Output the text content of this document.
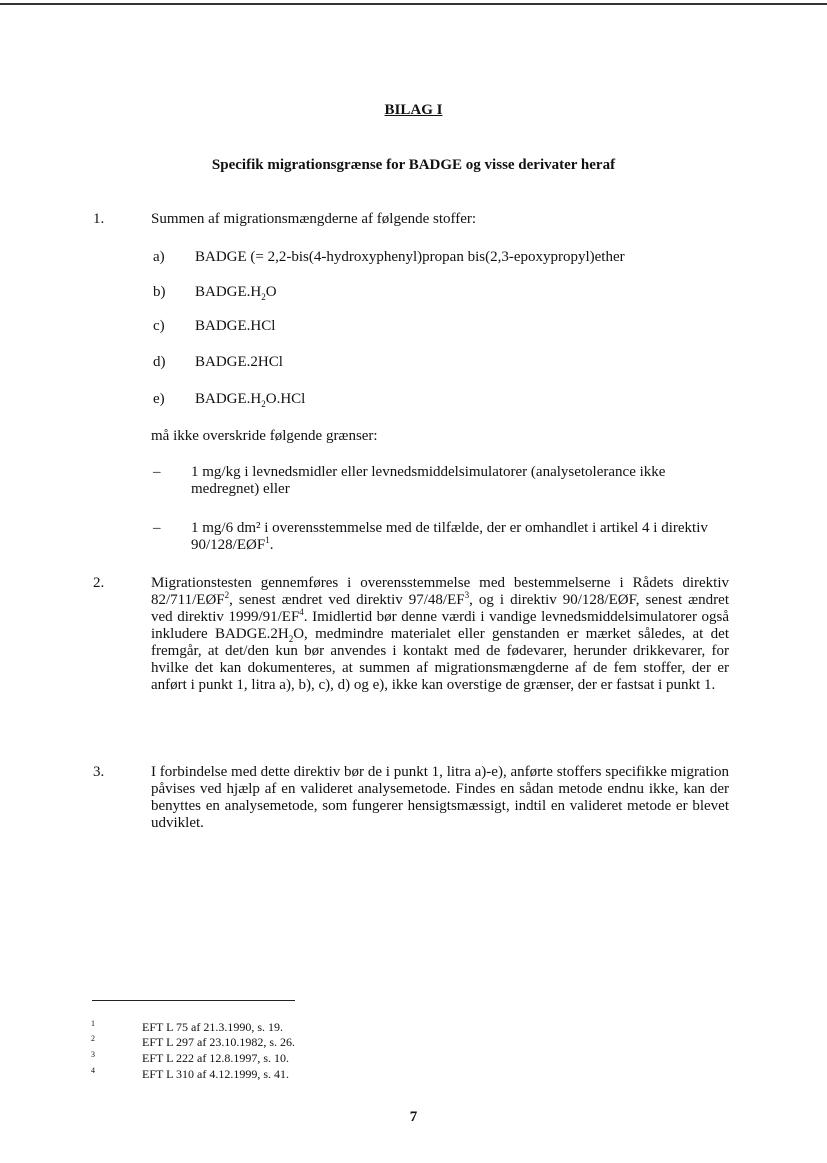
BILAG I
Specifik migrationsgrænse for BADGE og visse derivater heraf
1.	Summen af migrationsmængderne af følgende stoffer:
a) BADGE (= 2,2-bis(4-hydroxyphenyl)propan bis(2,3-epoxypropyl)ether
b) $BADGE.H_2O$
c) BADGE.HCl
d) BADGE.2HCl
e) $BADGE.H_2O.HCl$
må ikke overskride følgende grænser:
– 1 mg/kg i levnedsmidler eller levnedsmiddelsimulatorer (analysetolerance ikke medregnet) eller
– 1 mg/6 dm² i overensstemmelse med de tilfælde, der er omhandlet i artikel 4 i direktiv 90/128/EØF$^1$.
2.	Migrationstesten gennemføres i overensstemmelse med bestemmelserne i Rådets direktiv 82/711/EØF$^2$, senest ændret ved direktiv $97/48/EF^3$, og i direktiv 90/128/EØF, senest ændret ved direktiv $1999/91/EF^4$. Imidlertid bør denne værdi i vandige levnedsmiddelsimulatorer også inkludere $BADGE.2H_2O$, medmindre materialet eller genstanden er mærket således, at det fremgår, at det/den kun bør anvendes i kontakt med de fødevarer, herunder drikkevarer, for hvilke det kan dokumenteres, at summen af migrationsmængderne af de fem stoffer, der er anført i punkt 1, litra a), b), c), d) og e), ikke kan overstige de grænser, der er fastsat i punkt 1.
3.	I forbindelse med dette direktiv bør de i punkt 1, litra a)-e), anførte stoffers specifikke migration påvises ved hjælp af en valideret analysemetode. Findes en sådan metode endnu ikke, kan der benyttes en analysemetode, som fungerer hensigtsmæssigt, indtil en valideret metode er blevet udviklet.
1	EFT L 75 af 21.3.1990, s. 19.
2	EFT L 297 af 23.10.1982, s. 26.
3	EFT L 222 af 12.8.1997, s. 10.
4	EFT L 310 af 4.12.1999, s. 41.
7
